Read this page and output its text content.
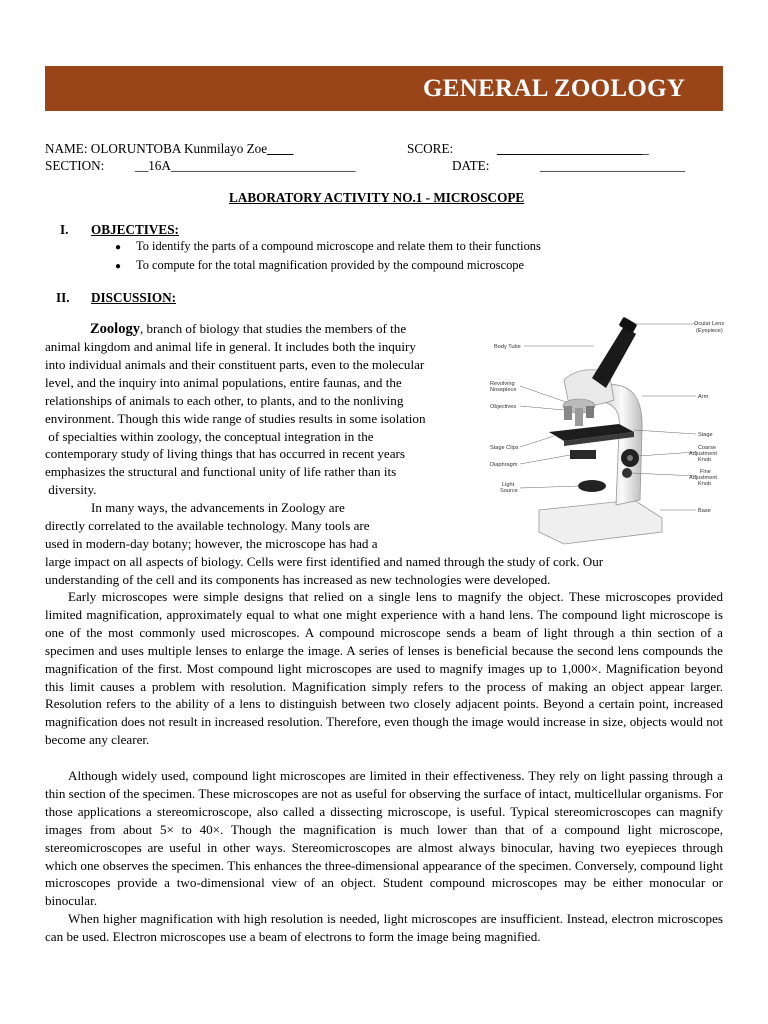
GENERAL ZOOLOGY
NAME: OLORUNTOBA Kunmilayo Zoe____	SCORE:	_______________________
SECTION: __16A____________________________	DATE:	______________________
LABORATORY ACTIVITY NO.1 - MICROSCOPE
I. OBJECTIVES:
● To identify the parts of a compound microscope and relate them to their functions
● To compute for the total magnification provided by the compound microscope
II. DISCUSSION:
Zoology, branch of biology that studies the members of the
animal kingdom and animal life in general. It includes both the inquiry
into individual animals and their constituent parts, even to the molecular
level, and the inquiry into animal populations, entire faunas, and the
relationships of animals to each other, to plants, and to the nonliving
environment. Though this wide range of studies results in some isolation
of specialties within zoology, the conceptual integration in the
contemporary study of living things that has occurred in recent years
emphasizes the structural and functional unity of life rather than its
diversity.
In many ways, the advancements in Zoology are
directly correlated to the available technology. Many tools are
used in modern-day botany; however, the microscope has had a
large impact on all aspects of biology. Cells were first identified and named through the study of cork. Our
understanding of the cell and its components has increased as new technologies were developed.
Ocular Lens
(Eyepiece)
Body Tube
Revolving
Nosepiece
Objectives
Arm
Stage
Stage Clips	Coarse
Adjustment
Knob
Diaphragm
Fine
Adjustment
Knob
Light
Source
Base

Early microscopes were simple designs that relied on a single lens to magnify the object. These microscopes provided limited magnification, approximately equal to what one might experience with a hand lens. The compound light microscope is one of the most commonly used microscopes. A compound microscope sends a beam of light through a thin section of a specimen and uses multiple lenses to enlarge the image. A series of lenses is beneficial because the second lens compounds the magnification of the first. Most compound light microscopes are used to magnify images up to 1,000×. Magnification beyond this limit causes a problem with resolution. Magnification simply refers to the process of making an object appear larger. Resolution refers to the ability of a lens to distinguish between two closely adjacent points. Beyond a certain point, increased magnification does not result in increased resolution. Therefore, even though the image would increase in size, objects would not become any clearer.

Although widely used, compound light microscopes are limited in their effectiveness. They rely on light passing through a thin section of the specimen. These microscopes are not as useful for observing the surface of intact, multicellular organisms. For those applications a stereomicroscope, also called a dissecting microscope, is useful. Typical stereomicroscopes can magnify images from about 5× to 40×. Though the magnification is much lower than that of a compound light microscope, stereomicroscopes are useful in other ways. Stereomicroscopes are almost always binocular, having two eyepieces through which one observes the specimen. This enhances the three-dimensional appearance of the specimen. Conversely, compound light microscopes provide a two-dimensional view of an object. Student compound microscopes may be either monocular or binocular.

When higher magnification with high resolution is needed, light microscopes are insufficient. Instead, electron microscopes can be used. Electron microscopes use a beam of electrons to form the image being magnified.
